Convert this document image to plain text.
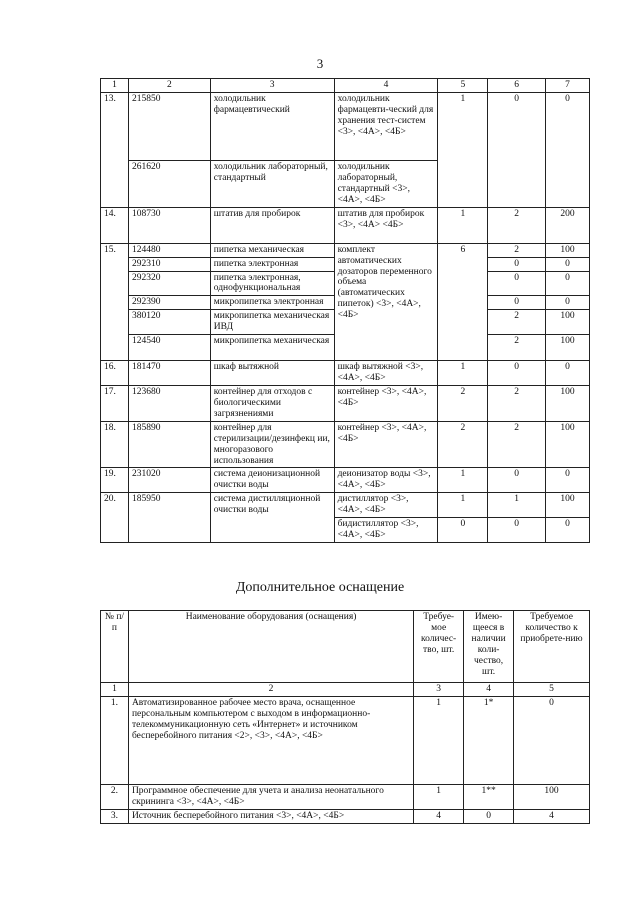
3
1	2	3	4	5	6	7
13.	215850	холодильник фармацевтический	холодильник фармацевти-ческий для хранения тест-систем <3>, <4А>, <4Б>	1	0	0
	261620	холодильник лабораторный, стандартный	холодильник лабораторный, стандартный <3>, <4А>, <4Б>			
14.	108730	штатив для пробирок	штатив для пробирок <3>, <4А> <4Б>	1	2	200
15.	124480	пипетка механическая	комплект автоматических дозаторов переменного объема (автоматических пипеток) <3>, <4А>, <4Б>	6	2	100
	292310	пипетка электронная			0	0
	292320	пипетка электронная, однофункциональная			0	0
	292390	микропипетка электронная			0	0
	380120	микропипетка механическая ИВД			2	100
	124540	микропипетка механическая			2	100
16.	181470	шкаф вытяжной	шкаф вытяжной <3>, <4А>, <4Б>	1	0	0
17.	123680	контейнер для отходов с биологическими загрязнениями	контейнер <3>, <4А>, <4Б>	2	2	100
18.	185890	контейнер для стерилизации/дезинфекц ии, многоразового использования	контейнер <3>, <4А>, <4Б>	2	2	100
19.	231020	система деионизационной очистки воды	деионизатор воды <3>, <4А>, <4Б>	1	0	0
20.	185950	система дистилляционной очистки воды	дистиллятор <3>, <4А>, <4Б>	1	1	100
			бидистиллятор <3>, <4А>, <4Б>	0	0	0
Дополнительное оснащение
№ п/п	Наименование оборудования (оснащения)	Требуе-мое количес-тво, шт.	Имею-щееся в наличии коли-чество, шт.	Требуемое количество к приобрете-нию
1	2	3	4	5
1.	Автоматизированное рабочее место врача, оснащенное персональным компьютером с выходом в информационно-телекоммуникационную сеть «Интернет» и источником бесперебойного питания <2>, <3>, <4А>, <4Б>	1	1*	0
2.	Программное обеспечение для учета и анализа неонатального скрининга <3>, <4А>, <4Б>	1	1**	100
3.	Источник бесперебойного питания <3>, <4А>, <4Б>	4	0	4
